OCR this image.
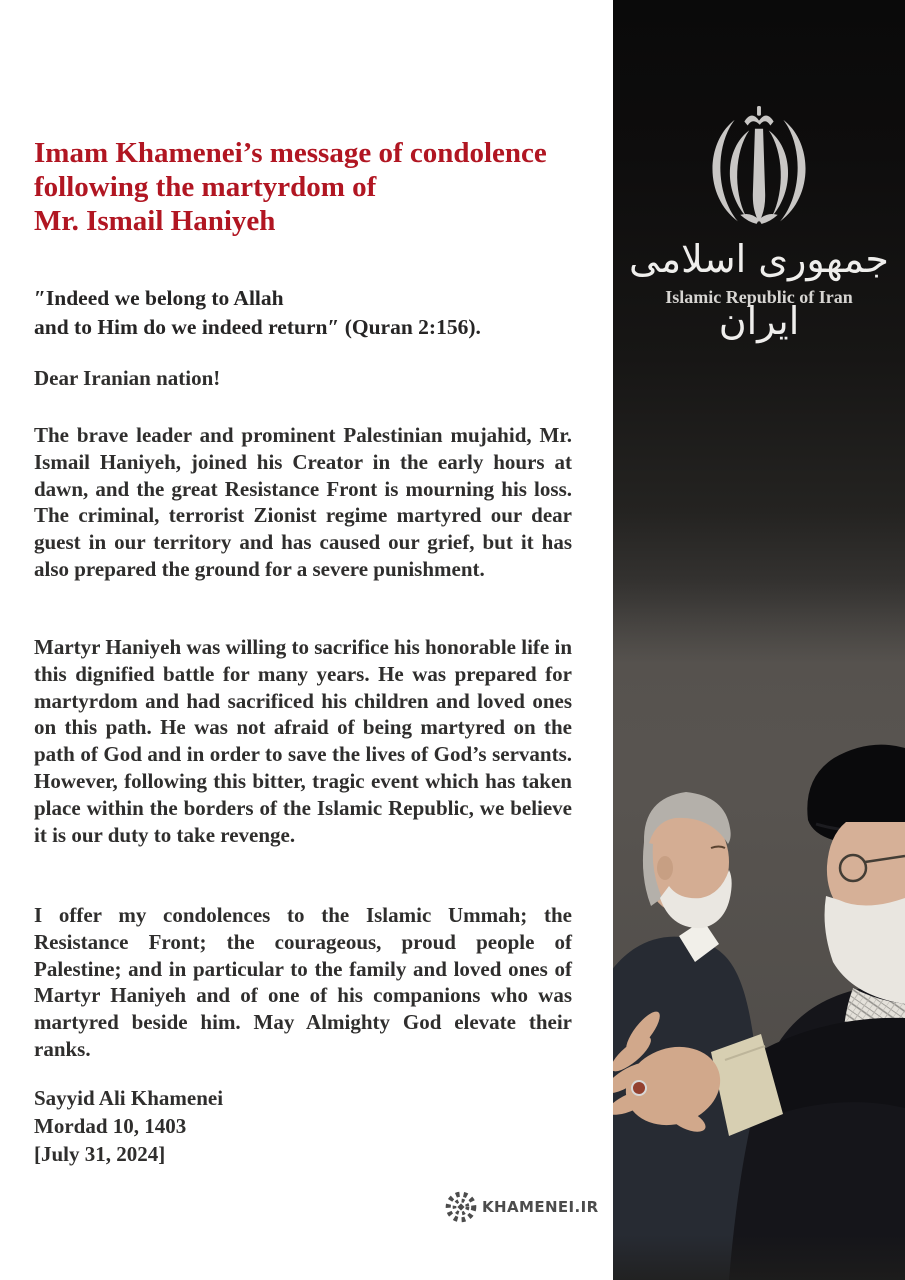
Imam Khamenei’s message of condolence
following the martyrdom of
Mr. Ismail Haniyeh
″Indeed we belong to Allah
and to Him do we indeed return″ (Quran 2:156).
Dear Iranian nation!

The brave leader and prominent Palestinian mujahid, Mr. Ismail Haniyeh, joined his Creator in the early hours at dawn, and the great Resistance Front is mourning his loss. The criminal, terrorist Zionist regime martyred our dear guest in our territory and has caused our grief, but it has also prepared the ground for a severe punishment.

Martyr Haniyeh was willing to sacrifice his honorable life in this dignified battle for many years. He was prepared for martyrdom and had sacrificed his children and loved ones on this path. He was not afraid of being martyred on the path of God and in order to save the lives of God’s servants. However, following this bitter, tragic event which has taken place within the borders of the Islamic Republic, we believe it is our duty to take revenge.

I offer my condolences to the Islamic Ummah; the Resistance Front; the courageous, proud people of Palestine; and in particular to the family and loved ones of Martyr Haniyeh and of one of his companions who was martyred beside him. May Almighty God elevate their ranks.

Sayyid Ali Khamenei
Mordad 10, 1403
[July 31, 2024]
KHAMENEI.IR
جمهوری اسلامی ایران
Islamic Republic of Iran
